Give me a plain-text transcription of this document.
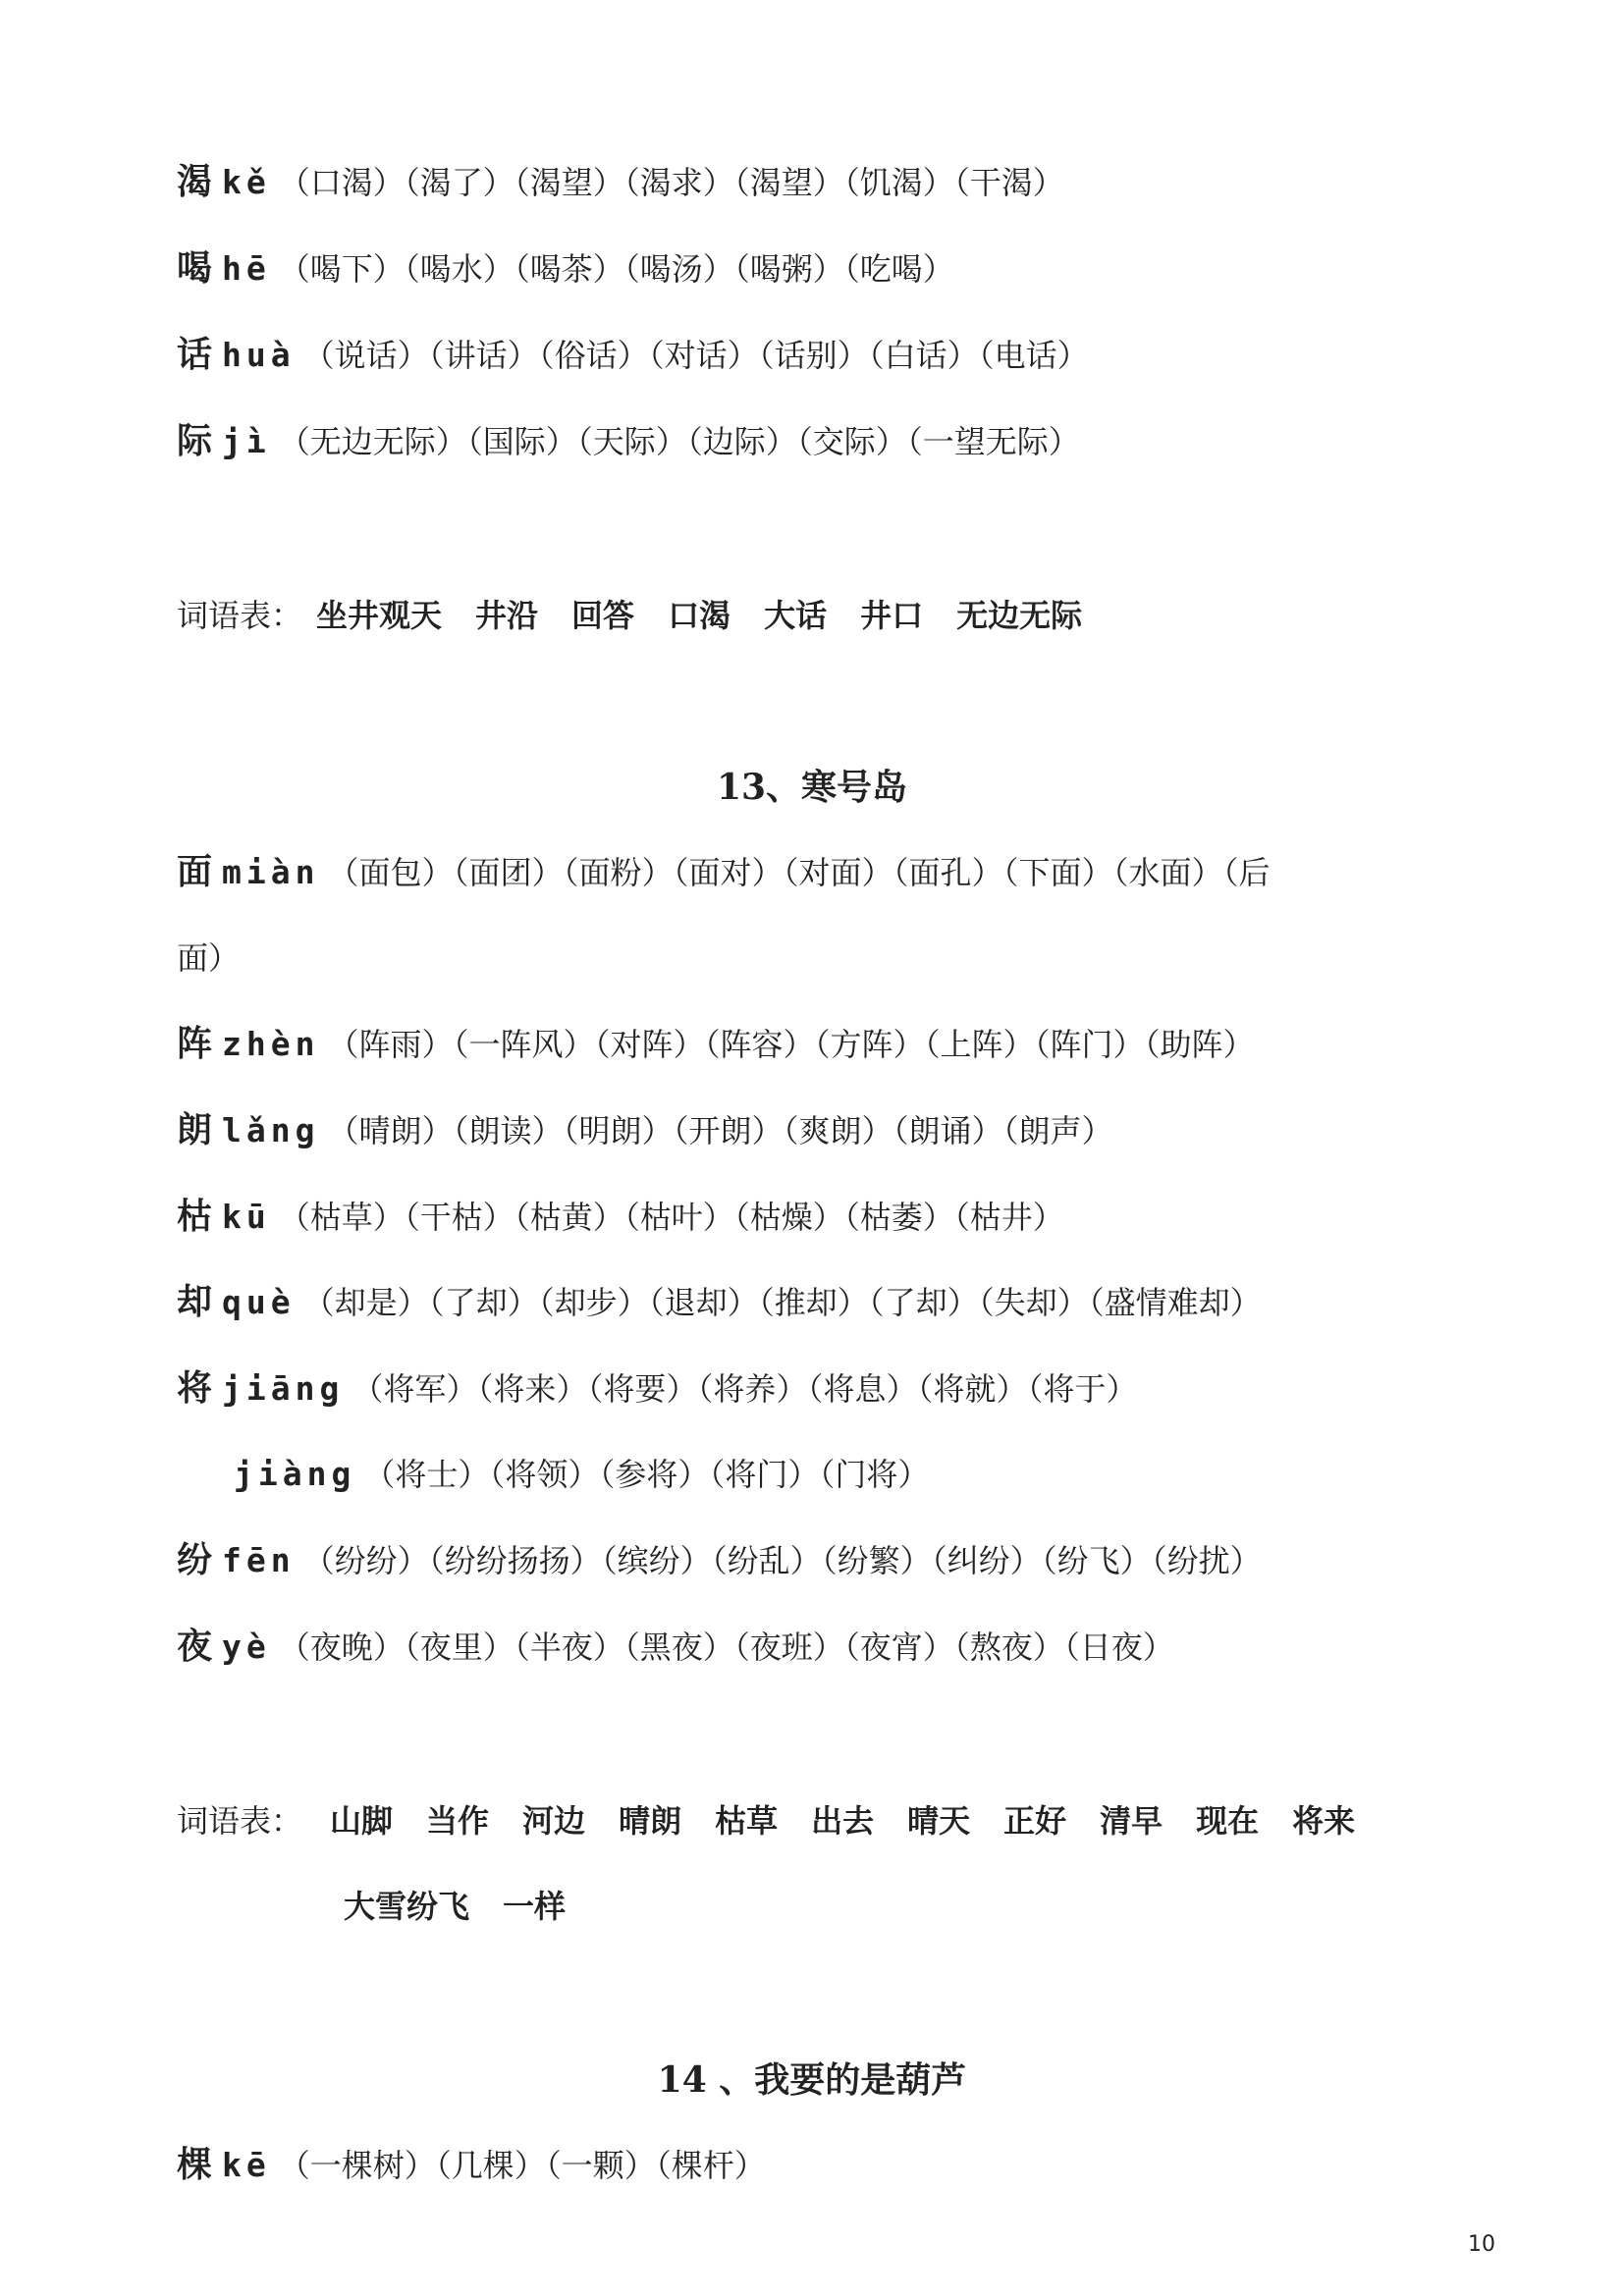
渴 kě （口渴）（渴了）（渴望）（渴求）（渴望）（饥渴）（干渴）
喝 hē （喝下）（喝水）（喝茶）（喝汤）（喝粥）（吃喝）
话 huà （说话）（讲话）（俗话）（对话）（话别）（白话）（电话）
际 jì （无边无际）（国际）（天际）（边际）（交际）（一望无际）
词语表： 坐井观天 井沿 回答 口渴 大话 井口 无边无际
13、寒号岛
面 miàn （面包）（面团）（面粉）（面对）（对面）（面孔）（下面）（水面）（后
面）
阵 zhèn （阵雨）（一阵风）（对阵）（阵容）（方阵）（上阵）（阵门）（助阵）
朗 lǎng （晴朗）（朗读）（明朗）（开朗）（爽朗）（朗诵）（朗声）
枯 kū （枯草）（干枯）（枯黄）（枯叶）（枯燥）（枯萎）（枯井）
却 què （却是）（了却）（却步）（退却）（推却）（了却）（失却）（盛情难却）
将 jiāng （将军）（将来）（将要）（将养）（将息）（将就）（将于）
jiàng （将士）（将领）（参将）（将门）（门将）
纷 fēn （纷纷）（纷纷扬扬）（缤纷）（纷乱）（纷繁）（纠纷）（纷飞）（纷扰）
夜 yè （夜晚）（夜里）（半夜）（黑夜）（夜班）（夜宵）（熬夜）（日夜）
词语表： 山脚 当作 河边 晴朗 枯草 出去 晴天 正好 清早 现在 将来
大雪纷飞 一样
14 、我要的是葫芦
棵 kē （一棵树）（几棵）（一颗）（棵杆）
10
